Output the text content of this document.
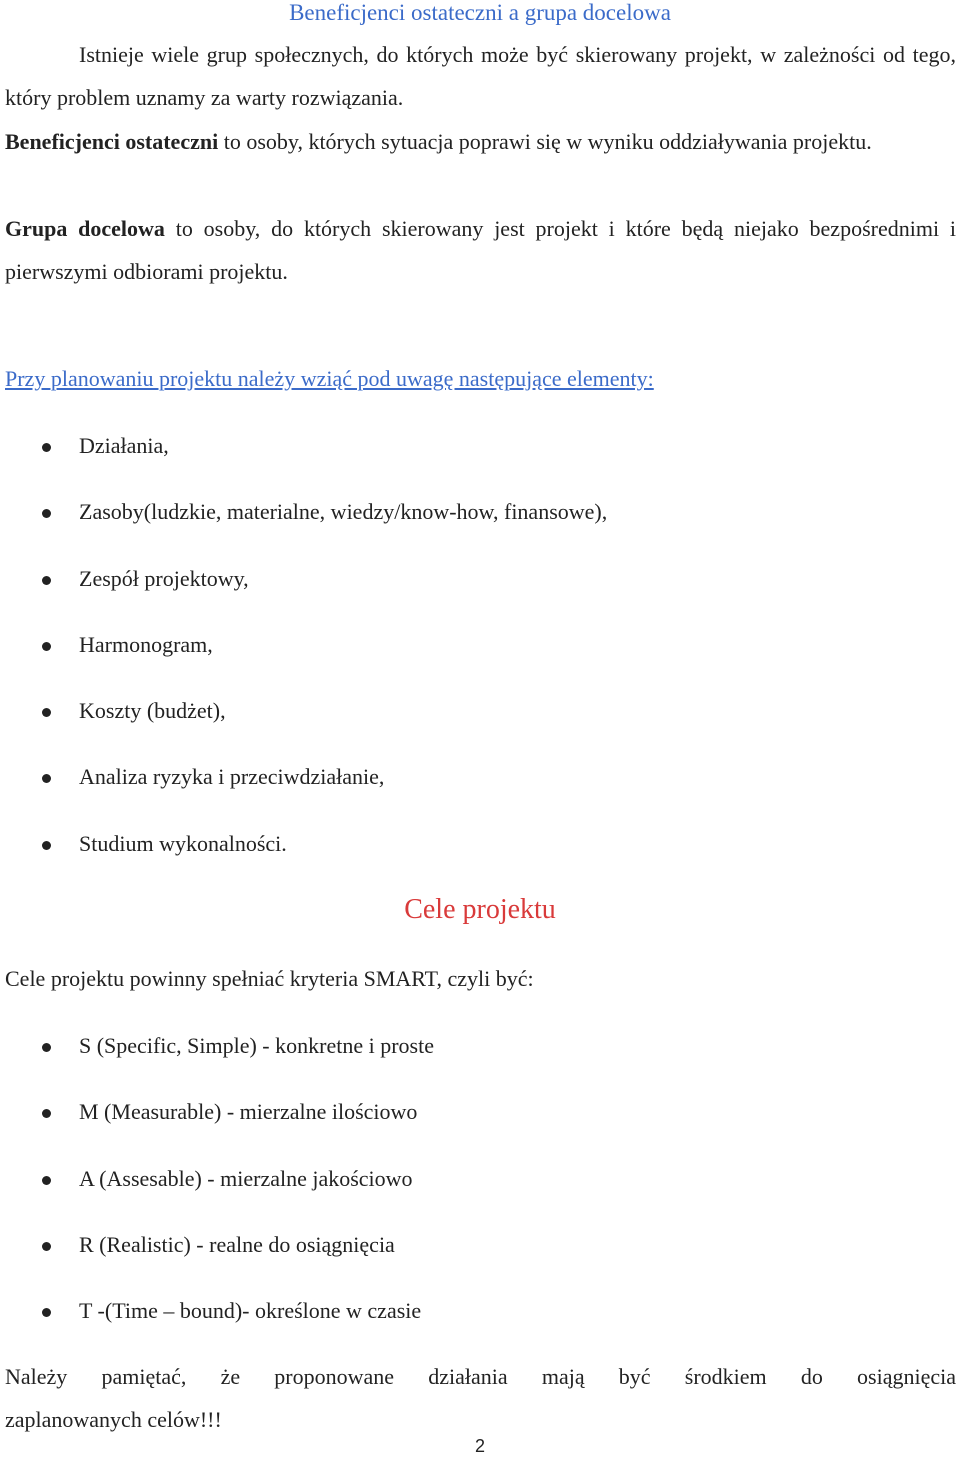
Beneficjenci ostateczni a grupa docelowa

Istnieje wiele grup społecznych, do których może być skierowany projekt, w zależności od tego, który problem uznamy za warty rozwiązania.

Beneficjenci ostateczni to osoby, których sytuacja poprawi się w wyniku oddziaływania projektu.

Grupa docelowa to osoby, do których skierowany jest projekt i które będą niejako bezpośrednimi i pierwszymi odbiorami projektu.

Przy planowaniu projektu należy wziąć pod uwagę następujące elementy:
Działania,
Zasoby(ludzkie, materialne, wiedzy/know-how, finansowe),
Zespół projektowy,
Harmonogram,
Koszty (budżet),
Analiza ryzyka i przeciwdziałanie,
Studium wykonalności.
Cele projektu
Cele projektu powinny spełniać kryteria SMART, czyli być:
S (Specific, Simple) - konkretne i proste
M (Measurable) - mierzalne ilościowo
A (Assesable) - mierzalne jakościowo
R (Realistic) - realne do osiągnięcia
T -(Time – bound)- określone w czasie

Należy pamiętać, że proponowane działania mają być środkiem do osiągnięcia
zaplanowanych celów!!!

2
